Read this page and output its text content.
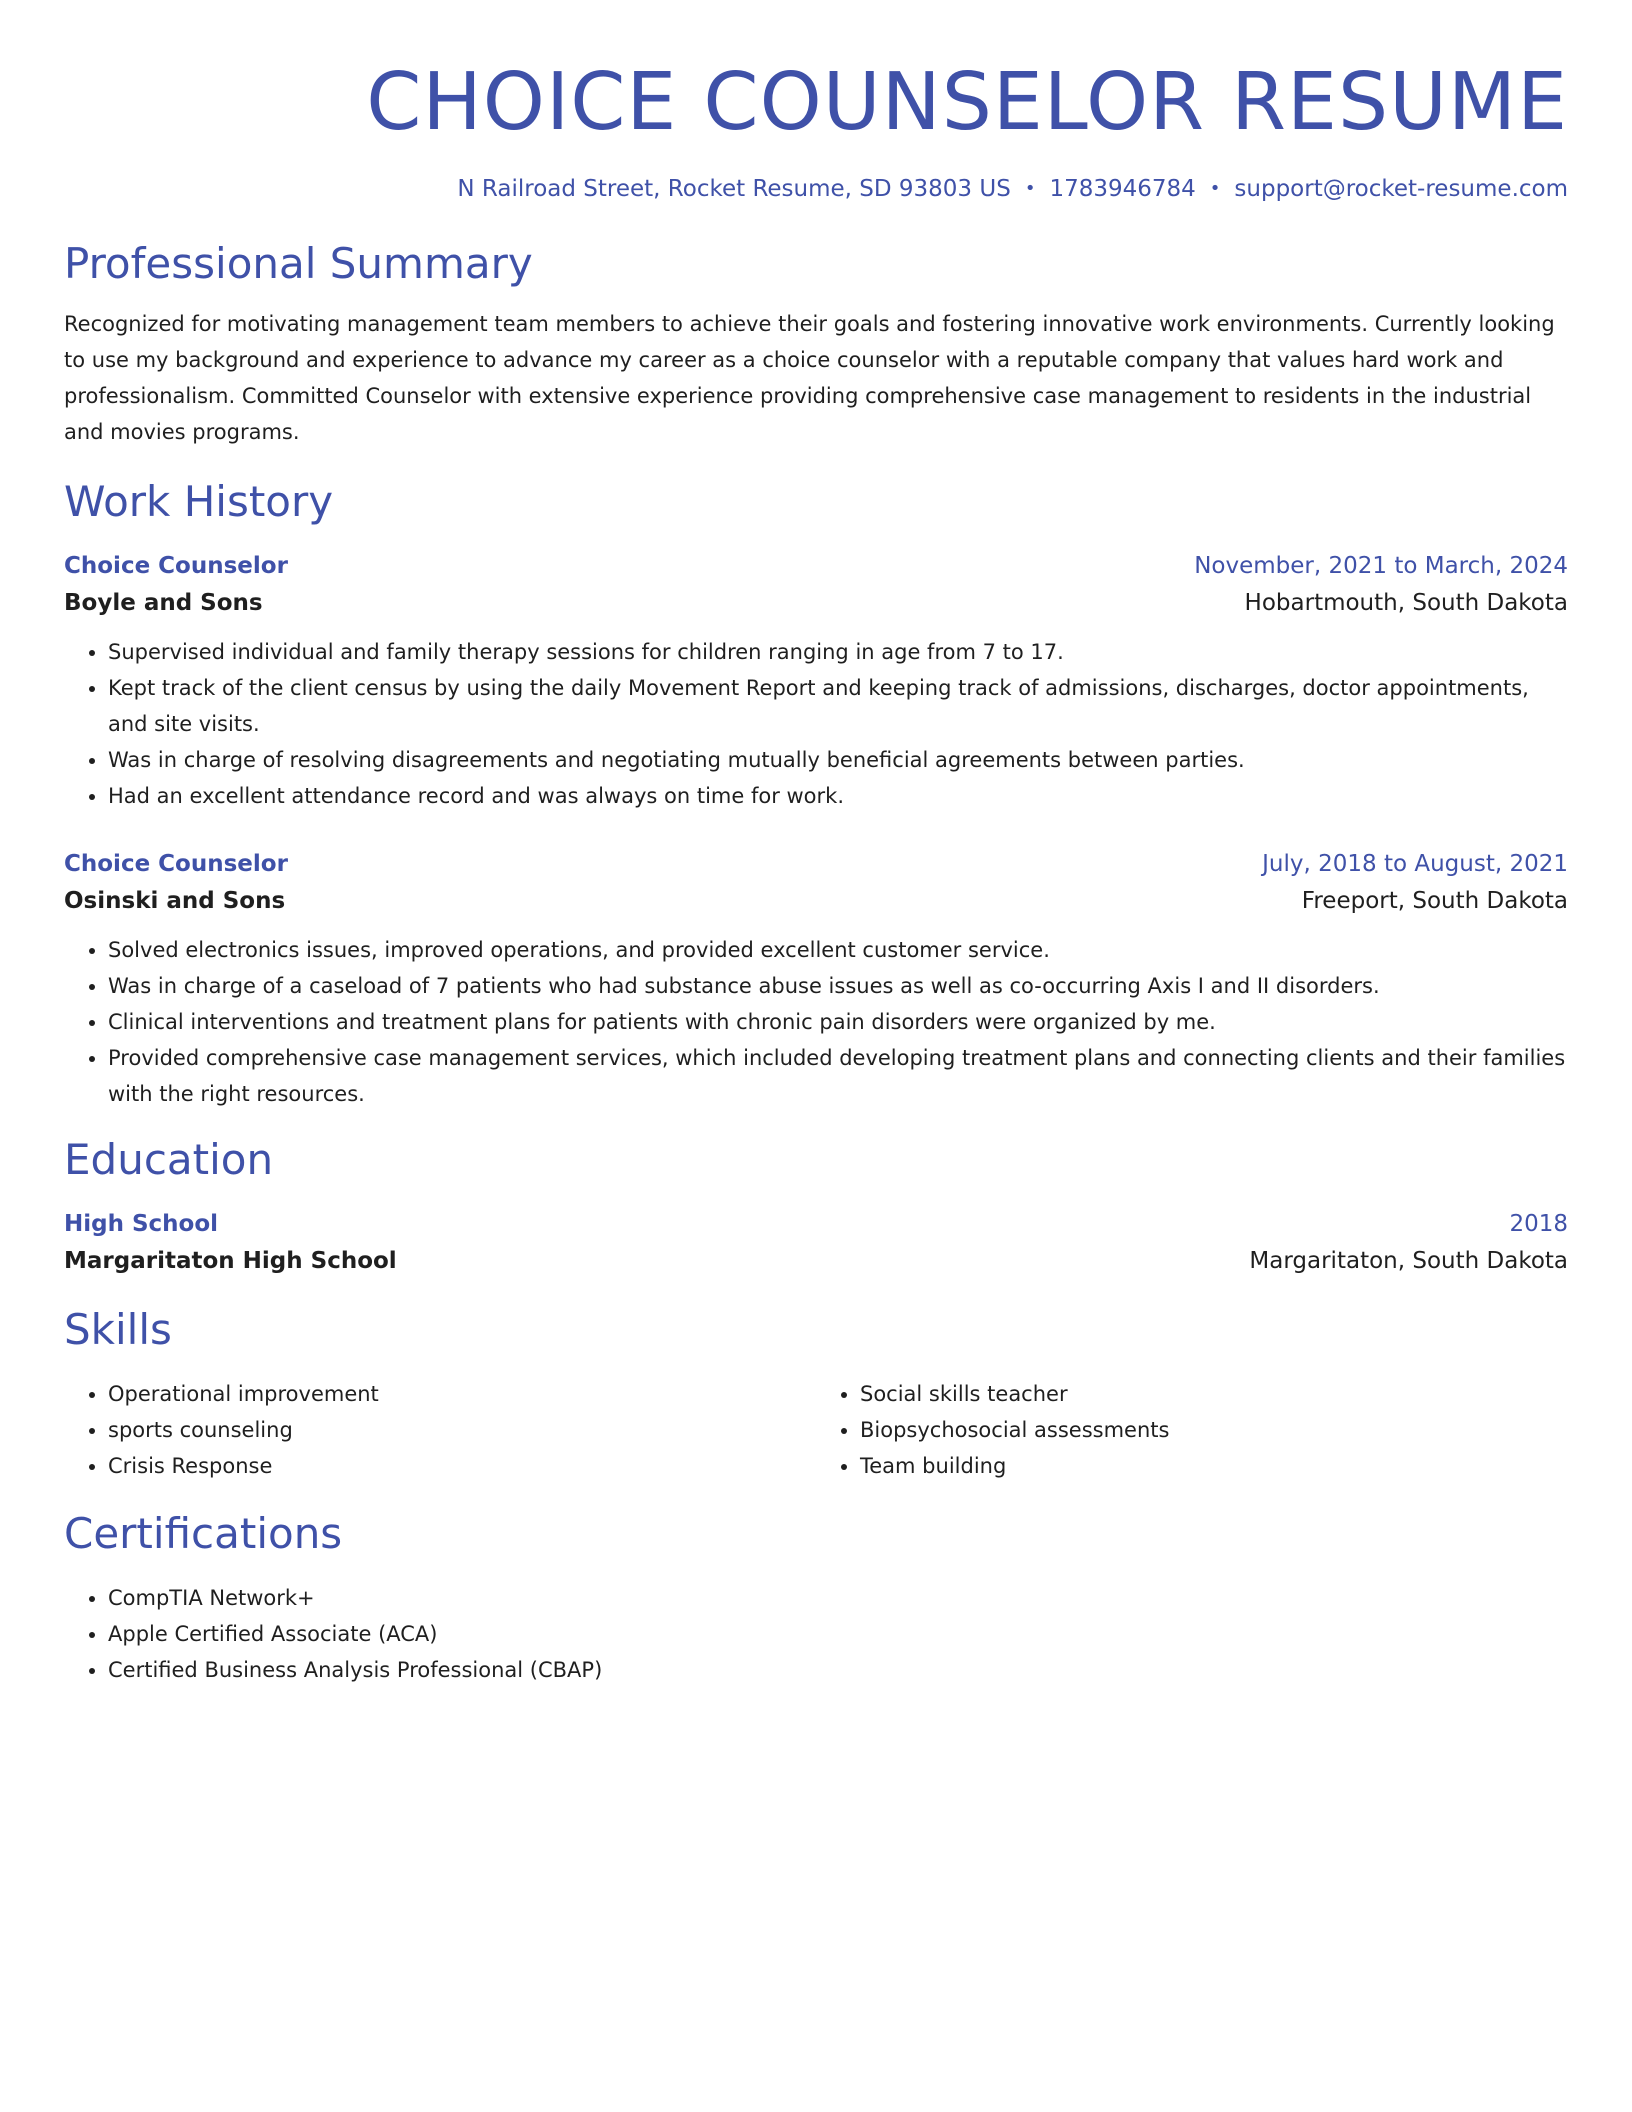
CHOICE COUNSELOR RESUME
N Railroad Street, Rocket Resume, SD 93803 US • 1783946784 • support@rocket-resume.com
Professional Summary
Recognized for motivating management team members to achieve their goals and fostering innovative work environments. Currently looking to use my background and experience to advance my career as a choice counselor with a reputable company that values hard work and professionalism. Committed Counselor with extensive experience providing comprehensive case management to residents in the industrial and movies programs.
Work History
Choice Counselor	November, 2021 to March, 2024
Boyle and Sons	Hobartmouth, South Dakota
• Supervised individual and family therapy sessions for children ranging in age from 7 to 17.
• Kept track of the client census by using the daily Movement Report and keeping track of admissions, discharges, doctor appointments, and site visits.
• Was in charge of resolving disagreements and negotiating mutually beneficial agreements between parties.
• Had an excellent attendance record and was always on time for work.
Choice Counselor	July, 2018 to August, 2021
Osinski and Sons	Freeport, South Dakota
• Solved electronics issues, improved operations, and provided excellent customer service.
• Was in charge of a caseload of 7 patients who had substance abuse issues as well as co-occurring Axis I and II disorders.
• Clinical interventions and treatment plans for patients with chronic pain disorders were organized by me.
• Provided comprehensive case management services, which included developing treatment plans and connecting clients and their families with the right resources.
Education
High School	2018
Margaritaton High School	Margaritaton, South Dakota
Skills
• Operational improvement
• sports counseling
• Crisis Response
• Social skills teacher
• Biopsychosocial assessments
• Team building
Certifications
• CompTIA Network+
• Apple Certified Associate (ACA)
• Certified Business Analysis Professional (CBAP)
